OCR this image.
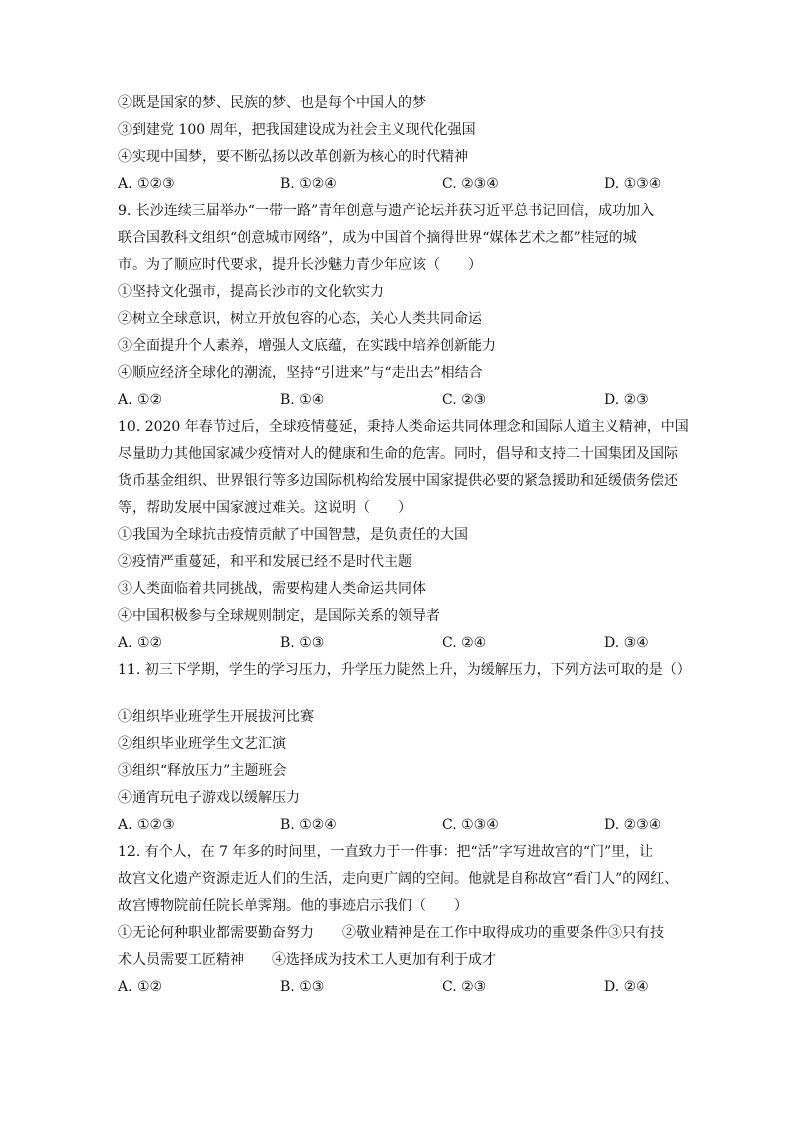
②既是国家的梦、民族的梦、也是每个中国人的梦
③到建党 100 周年，把我国建设成为社会主义现代化强国
④实现中国梦，要不断弘扬以改革创新为核心的时代精神
A. ①②③	B. ①②④	C. ②③④	D. ①③④
9. 长沙连续三届举办“一带一路”青年创意与遗产论坛并获习近平总书记回信，成功加入
联合国教科文组织“创意城市网络”，成为中国首个摘得世界“媒体艺术之都”桂冠的城
市。为了顺应时代要求，提升长沙魅力青少年应该（　　）
①坚持文化强市，提高长沙市的文化软实力
②树立全球意识，树立开放包容的心态，关心人类共同命运
③全面提升个人素养，增强人文底蕴，在实践中培养创新能力
④顺应经济全球化的潮流，坚持“引进来”与“走出去”相结合
A. ①②	B. ①④	C. ②③	D. ②③
10. 2020 年春节过后，全球疫情蔓延，秉持人类命运共同体理念和国际人道主义精神，中国
尽量助力其他国家减少疫情对人的健康和生命的危害。同时，倡导和支持二十国集团及国际
货币基金组织、世界银行等多边国际机构给发展中国家提供必要的紧急援助和延缓债务偿还
等，帮助发展中国家渡过难关。这说明（　　）
①我国为全球抗击疫情贡献了中国智慧，是负责任的大国
②疫情严重蔓延，和平和发展已经不是时代主题
③人类面临着共同挑战，需要构建人类命运共同体
④中国积极参与全球规则制定，是国际关系的领导者
A. ①②	B. ①③	C. ②④	D. ③④
11. 初三下学期，学生的学习压力，升学压力陡然上升，为缓解压力，下列方法可取的是（）
①组织毕业班学生开展拔河比赛
②组织毕业班学生文艺汇演
③组织“释放压力”主题班会
④通宵玩电子游戏以缓解压力
A. ①②③	B. ①②④	C. ①③④	D. ②③④
12. 有个人，在 7 年多的时间里，一直致力于一件事：把“活”字写进故宫的“门”里，让
故宫文化遗产资源走近人们的生活，走向更广阔的空间。他就是自称故宫“看门人”的网红、
故宫博物院前任院长单霁翔。他的事迹启示我们（　　）
①无论何种职业都需要勤奋努力　　②敬业精神是在工作中取得成功的重要条件③只有技
术人员需要工匠精神　　④选择成为技术工人更加有利于成才
A. ①②	B. ①③	C. ②③	D. ②④
